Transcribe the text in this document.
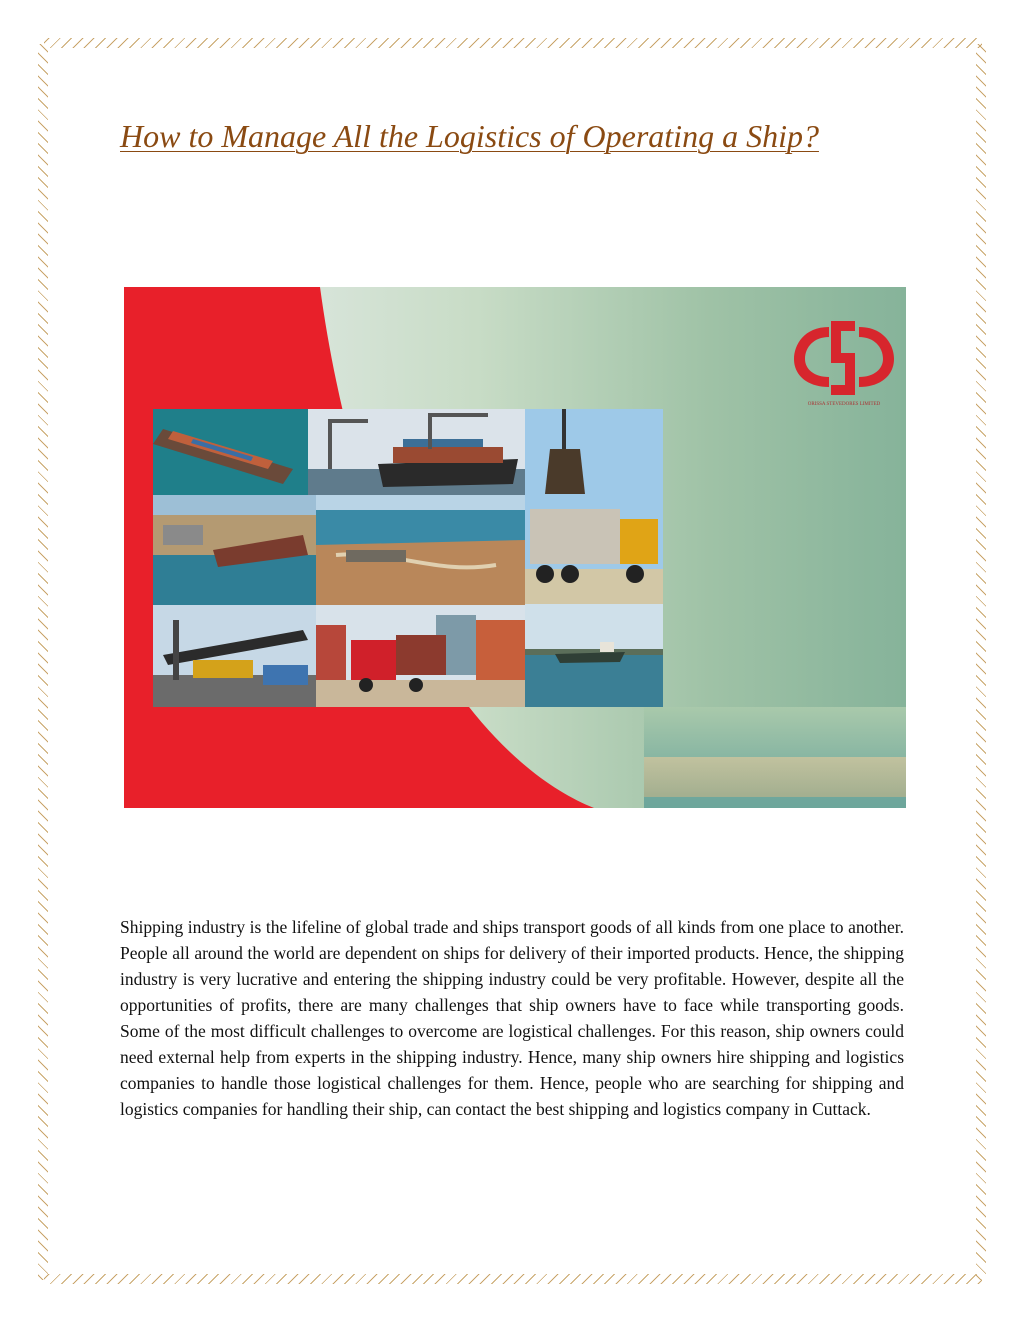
How to Manage All the Logistics of Operating a Ship?
ORISSA STEVEDORES LIMITED

Shipping industry is the lifeline of global trade and ships transport goods of all kinds from one place to another. People all around the world are dependent on ships for delivery of their imported products. Hence, the shipping industry is very lucrative and entering the shipping industry could be very profitable. However, despite all the opportunities of profits, there are many challenges that ship owners have to face while transporting goods. Some of the most difficult challenges to overcome are logistical challenges. For this reason, ship owners could need external help from experts in the shipping industry. Hence, many ship owners hire shipping and logistics companies to handle those logistical challenges for them. Hence, people who are searching for shipping and logistics companies for handling their ship, can contact the best shipping and logistics company in Cuttack.
